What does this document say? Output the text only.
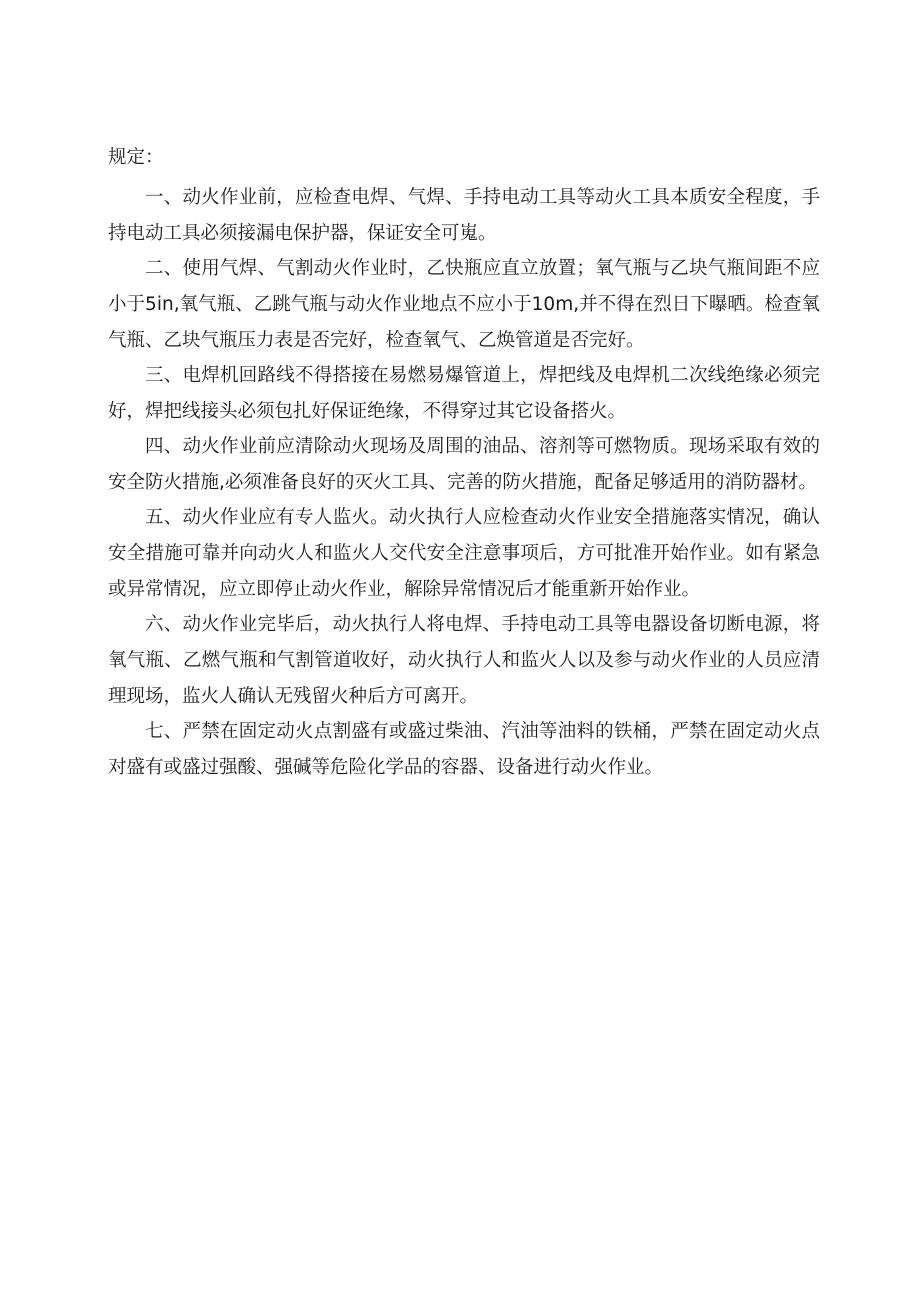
规定：

一、动火作业前，应检查电焊、气焊、手持电动工具等动火工具本质安全程度，手持电动工具必须接漏电保护器，保证安全可嵬。

二、使用气焊、气割动火作业时，乙快瓶应直立放置；氧气瓶与乙块气瓶间距不应小于5in,氧气瓶、乙跳气瓶与动火作业地点不应小于10m,并不得在烈日下曝晒。检查氧气瓶、乙块气瓶压力表是否完好，检查氧气、乙焕管道是否完好。

三、电焊机回路线不得搭接在易燃易爆管道上，焊把线及电焊机二次线绝缘必须完好，焊把线接头必须包扎好保证绝缘，不得穿过其它设备搭火。

四、动火作业前应清除动火现场及周围的油品、溶剂等可燃物质。现场采取有效的安全防火措施,必须准备良好的灭火工具、完善的防火措施，配备足够适用的消防器材。

五、动火作业应有专人监火。动火执行人应检查动火作业安全措施落实情况，确认安全措施可靠并向动火人和监火人交代安全注意事项后，方可批准开始作业。如有紧急或异常情况，应立即停止动火作业，解除异常情况后才能重新开始作业。

六、动火作业完毕后，动火执行人将电焊、手持电动工具等电器设备切断电源，将氧气瓶、乙燃气瓶和气割管道收好，动火执行人和监火人以及参与动火作业的人员应清理现场，监火人确认无残留火种后方可离开。

七、严禁在固定动火点割盛有或盛过柴油、汽油等油料的铁桶，严禁在固定动火点对盛有或盛过强酸、强碱等危险化学品的容器、设备进行动火作业。
